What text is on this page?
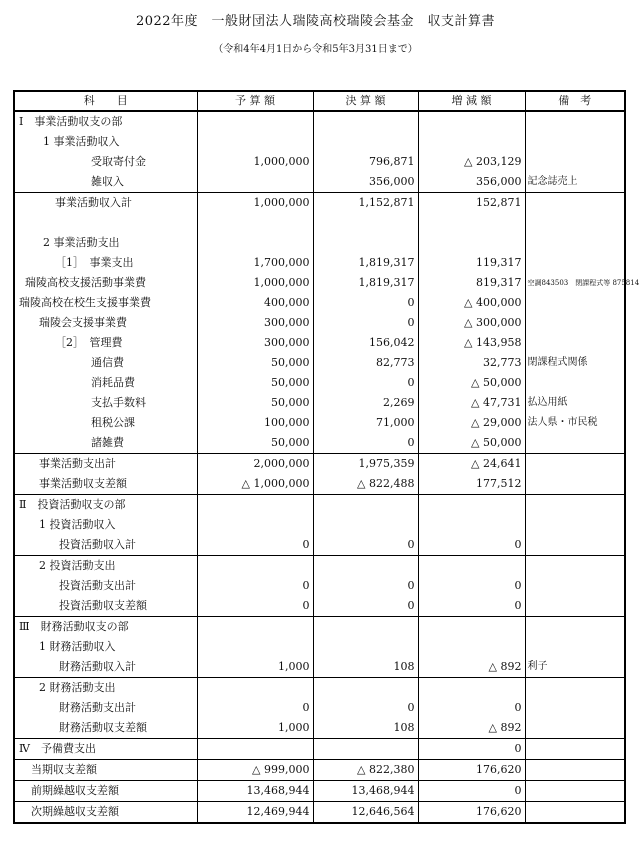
2022年度　一般財団法人瑞陵高校瑞陵会基金　収支計算書
（令和4年4月1日から令和5年3月31日まで）
科　　目	予 算 額	決 算 額	増 減 額	備　考
Ⅰ　事業活動収支の部				
1 事業活動収入				
受取寄付金	1,000,000	796,871	△ 203,129	
雑収入		356,000	356,000	記念誌売上
事業活動収入計	1,000,000	1,152,871	152,871	

2 事業活動支出				
［1］　事業支出	1,700,000	1,819,317	119,317	
瑞陵高校支援活動事業費	1,000,000	1,819,317	819,317	空調843503　閉課程式等 875814
瑞陵高校在校生支援事業費	400,000	0	△ 400,000	
瑞陵会支援事業費	300,000	0	△ 300,000	
［2］　管理費	300,000	156,042	△ 143,958	
通信費	50,000	82,773	32,773	閉課程式関係
消耗品費	50,000	0	△ 50,000	
支払手数料	50,000	2,269	△ 47,731	払込用紙
租税公課	100,000	71,000	△ 29,000	法人県・市民税
諸雑費	50,000	0	△ 50,000	
事業活動支出計	2,000,000	1,975,359	△ 24,641	
事業活動収支差額	△ 1,000,000	△ 822,488	177,512	
Ⅱ　投資活動収支の部				
1 投資活動収入				
投資活動収入計	0	0	0	
2 投資活動支出				
投資活動支出計	0	0	0	
投資活動収支差額	0	0	0	
Ⅲ　財務活動収支の部				
1 財務活動収入				
財務活動収入計	1,000	108	△ 892	利子
2 財務活動支出				
財務活動支出計	0	0	0	
財務活動収支差額	1,000	108	△ 892	
Ⅳ　予備費支出			0	
当期収支差額	△ 999,000	△ 822,380	176,620	
前期繰越収支差額	13,468,944	13,468,944	0	
次期繰越収支差額	12,469,944	12,646,564	176,620	
